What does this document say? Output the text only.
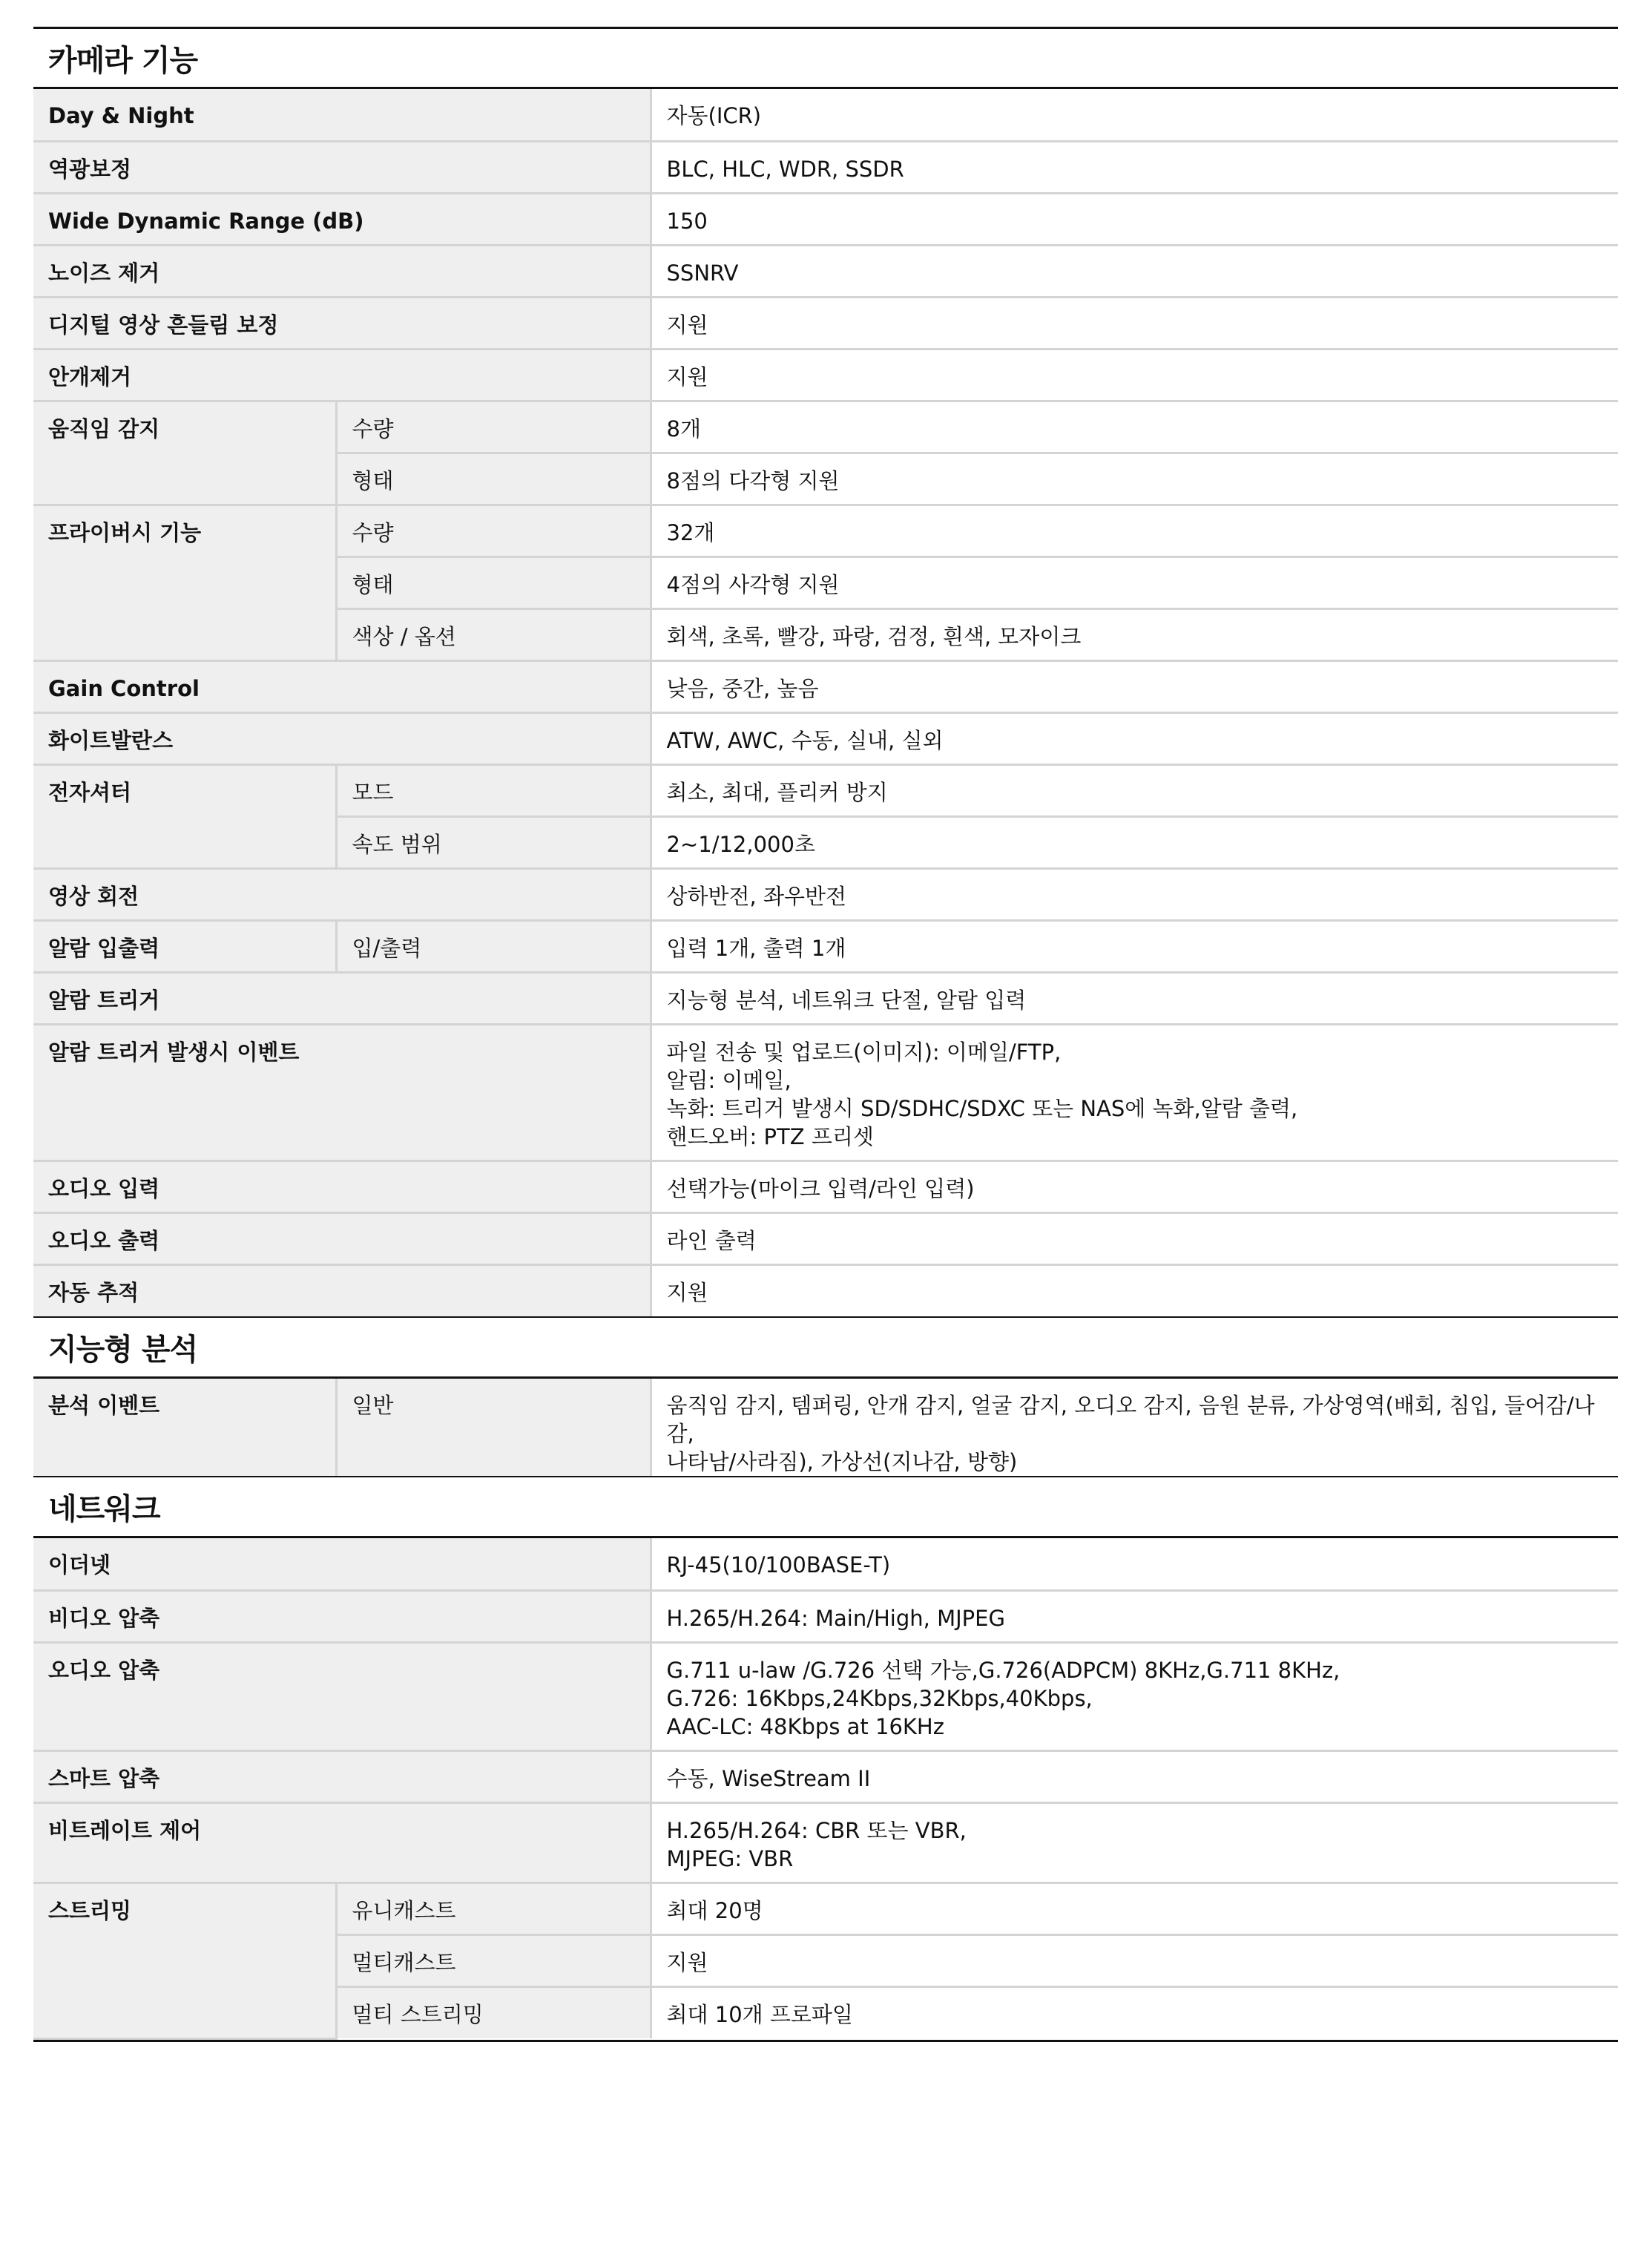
카메라 기능
Day & Night		자동(ICR)

역광보정		BLC, HLC, WDR, SSDR

Wide Dynamic Range (dB)		150

노이즈 제거		SSNRV

디지털 영상 흔들림 보정		지원

안개제거		지원

움직임 감지	수량	8개

	형태	8점의 다각형 지원

프라이버시 기능	수량	32개

	형태	4점의 사각형 지원

	색상 / 옵션	회색, 초록, 빨강, 파랑, 검정, 흰색, 모자이크

Gain Control		낮음, 중간, 높음

화이트발란스		ATW, AWC, 수동, 실내, 실외

전자셔터	모드	최소, 최대, 플리커 방지

	속도 범위	2~1/12,000초

영상 회전		상하반전, 좌우반전

알람 입출력	입/출력	입력 1개, 출력 1개

알람 트리거		지능형 분석, 네트워크 단절, 알람 입력

알람 트리거 발생시 이벤트		파일 전송 및 업로드(이미지): 이메일/FTP,
알림: 이메일,
녹화: 트리거 발생시 SD/SDHC/SDXC 또는 NAS에 녹화,알람 출력,
핸드오버: PTZ 프리셋

오디오 입력		선택가능(마이크 입력/라인 입력)

오디오 출력		라인 출력

자동 추적		지원
지능형 분석
분석 이벤트	일반	움직임 감지, 템퍼링, 안개 감지, 얼굴 감지, 오디오 감지, 음원 분류, 가상영역(배회, 침입, 들어감/나감,
나타남/사라짐), 가상선(지나감, 방향)
네트워크
이더넷		RJ-45(10/100BASE-T)

비디오 압축		H.265/H.264: Main/High, MJPEG

오디오 압축		G.711 u-law /G.726 선택 가능,G.726(ADPCM) 8KHz,G.711 8KHz,
G.726: 16Kbps,24Kbps,32Kbps,40Kbps,
AAC-LC: 48Kbps at 16KHz

스마트 압축		수동, WiseStream II

비트레이트 제어		H.265/H.264: CBR 또는 VBR,
MJPEG: VBR

스트리밍	유니캐스트	최대 20명

	멀티캐스트	지원

	멀티 스트리밍	최대 10개 프로파일
